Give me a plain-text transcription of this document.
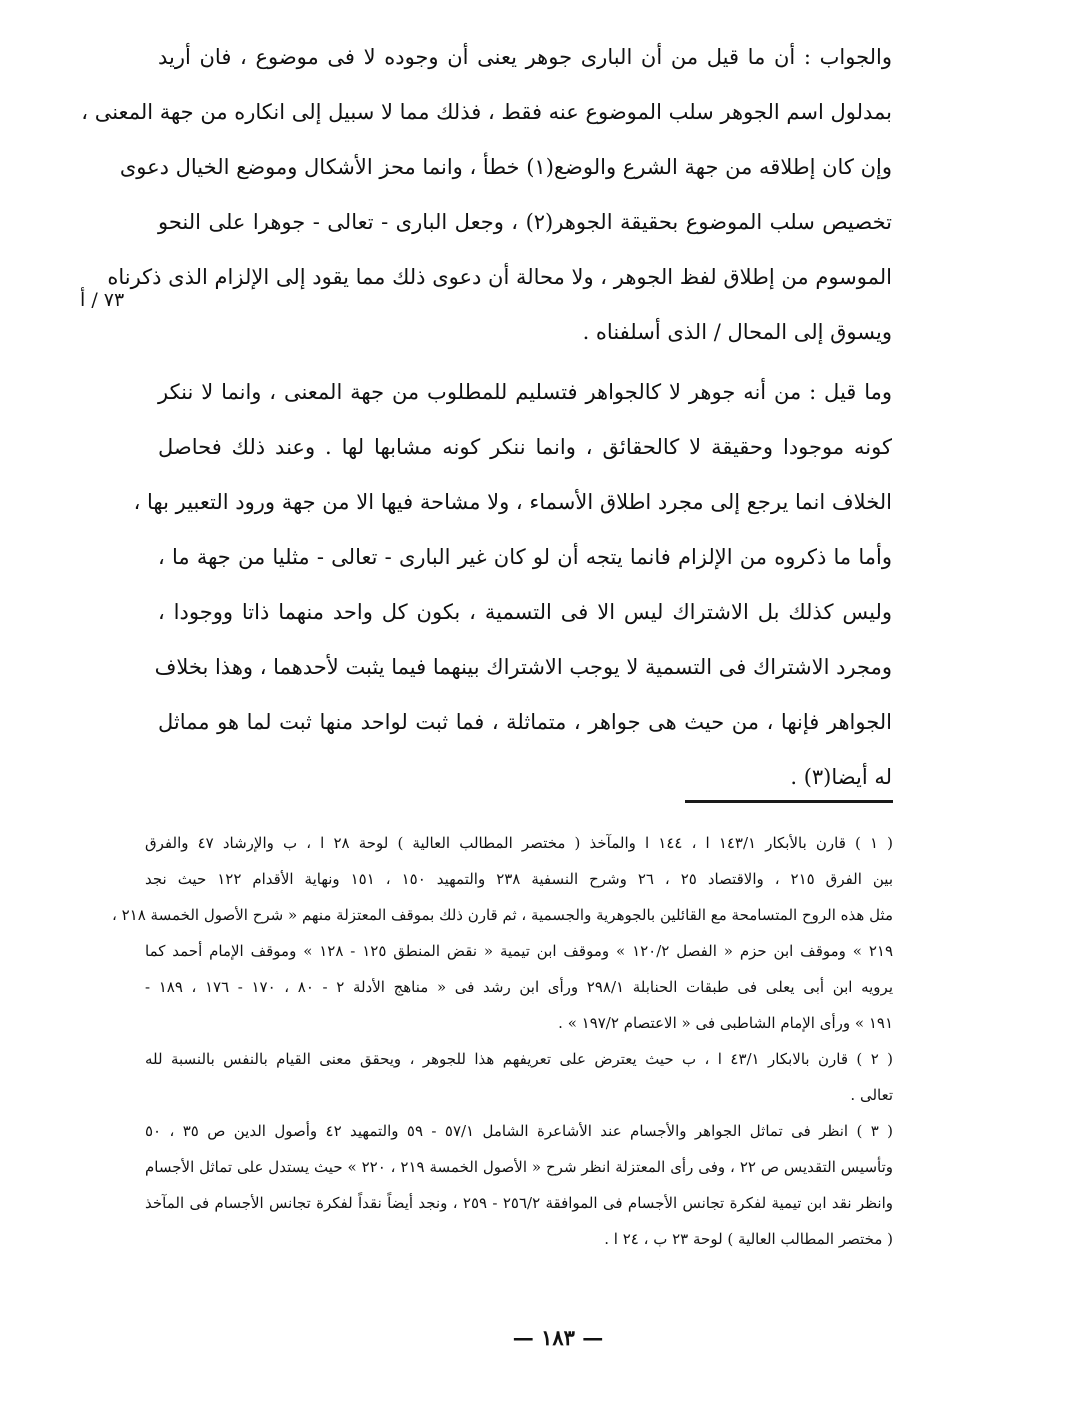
والجواب : أن ما قيل من أن البارى جوهر يعنى أن وجوده لا فى موضوع ، فان أريد
بمدلول اسم الجوهر سلب الموضوع عنه فقط ، فذلك مما لا سبيل إلى انكاره من جهة المعنى ،
وإن كان إطلاقه من جهة الشرع والوضع(١) خطأ ، وانما محز الأشكال وموضع الخيال دعوى
تخصيص سلب الموضوع بحقيقة الجوهر(٢) ، وجعل البارى - تعالى - جوهرا على النحو
الموسوم من إطلاق لفظ الجوهر ، ولا محالة أن دعوى ذلك مما يقود إلى الإلزام الذى ذكرناه
ويسوق إلى المحال / الذى أسلفناه .
٧٣ / أ
وما قيل : من أنه جوهر لا كالجواهر فتسليم للمطلوب من جهة المعنى ، وانما لا ننكر
كونه موجودا وحقيقة لا كالحقائق ، وانما ننكر كونه مشابها لها . وعند ذلك فحاصل
الخلاف انما يرجع إلى مجرد اطلاق الأسماء ، ولا مشاحة فيها الا من جهة ورود التعبير بها ،
وأما ما ذكروه من الإلزام فانما يتجه أن لو كان غير البارى - تعالى - مثليا من جهة ما ،
وليس كذلك بل الاشتراك ليس الا فى التسمية ، بكون كل واحد منهما ذاتا ووجودا ،
ومجرد الاشتراك فى التسمية لا يوجب الاشتراك بينهما فيما يثبت لأحدهما ، وهذا بخلاف
الجواهر فإنها ، من حيث هى جواهر ، متماثلة ، فما ثبت لواحد منها ثبت لما هو مماثل
له أيضا(٣) .
( ١ ) قارن بالأبكار ١٤٣/١ ا ، ١٤٤ ا والمآخذ ( مختصر المطالب العالية ) لوحة ٢٨ ا ، ب والإرشاد ٤٧ والفرق
بين الفرق ٢١٥ ، والاقتصاد ٢٥ ، ٢٦ وشرح النسفية ٢٣٨ والتمهيد ١٥٠ ، ١٥١ ونهاية الأقدام ١٢٢ حيث نجد
مثل هذه الروح المتسامحة مع القائلين بالجوهرية والجسمية ، ثم قارن ذلك بموقف المعتزلة منهم « شرح الأصول الخمسة ٢١٨ ،
٢١٩ » وموقف ابن حزم « الفصل ١٢٠/٢ » وموقف ابن تيمية « نقض المنطق ١٢٥ - ١٢٨ » وموقف الإمام أحمد كما
يرويه ابن أبى يعلى فى طبقات الحنابلة ٢٩٨/١ ورأى ابن رشد فى « مناهج الأدلة ٢ - ٨٠ ، ١٧٠ - ١٧٦ ، ١٨٩ -
١٩١ » ورأى الإمام الشاطبى فى « الاعتصام ١٩٧/٢ » .
( ٢ ) قارن بالابكار ٤٣/١ ا ، ب حيث يعترض على تعريفهم هذا للجوهر ، ويحقق معنى القيام بالنفس بالنسبة لله
تعالى .
( ٣ ) انظر فى تماثل الجواهر والأجسام عند الأشاعرة الشامل ٥٧/١ - ٥٩ والتمهيد ٤٢ وأصول الدين ص ٣٥ ، ٥٠
وتأسيس التقديس ص ٢٢ ، وفى رأى المعتزلة انظر شرح « الأصول الخمسة ٢١٩ ، ٢٢٠ » حيث يستدل على تماثل الأجسام
وانظر نقد ابن تيمية لفكرة تجانس الأجسام فى الموافقة ٢٥٦/٢ - ٢٥٩ ، ونجد أيضاً نقداً لفكرة تجانس الأجسام فى المآخذ
( مختصر المطالب العالية ) لوحة ٢٣ ب ، ٢٤ ا .
— ١٨٣ —
